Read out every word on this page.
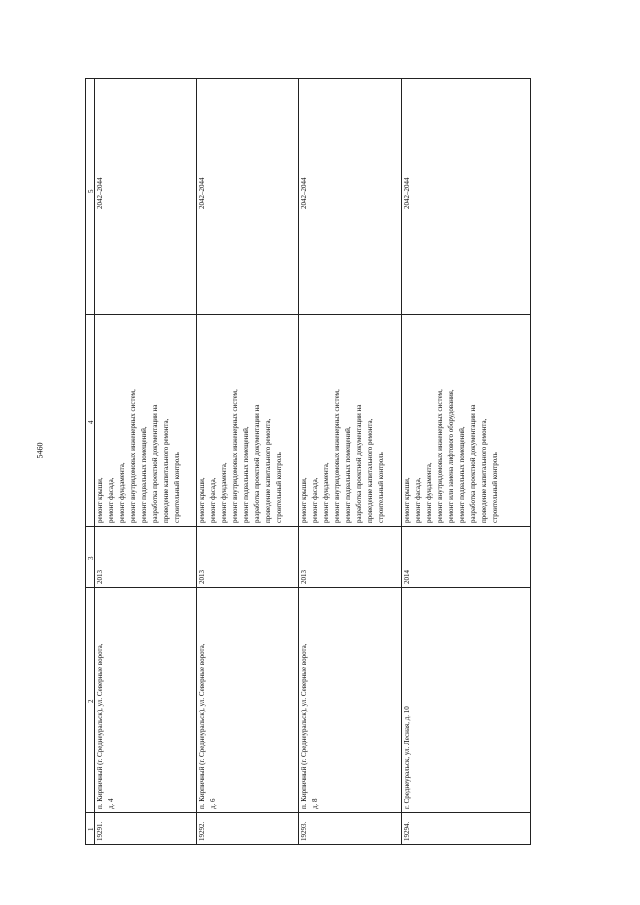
5460
1
2
3
4
5
19291.
п. Кирпичный (г. Среднеуральск), ул. Северные ворота, д. 4
2013
ремонт крыши, ремонт фасада, ремонт фундамента, ремонт внутридомовых инженерных систем, ремонт подвальных помещений, разработка проектной документации на проведение капитального ремонта, строительный контроль
2042–2044
19292.
п. Кирпичный (г. Среднеуральск), ул. Северные ворота, д. 6
2013
ремонт крыши, ремонт фасада, ремонт фундамента, ремонт внутридомовых инженерных систем, ремонт подвальных помещений, разработка проектной документации на проведение капитального ремонта, строительный контроль
2042–2044
19293.
п. Кирпичный (г. Среднеуральск), ул. Северные ворота, д. 8
2013
ремонт крыши, ремонт фасада, ремонт фундамента, ремонт внутридомовых инженерных систем, ремонт подвальных помещений, разработка проектной документации на проведение капитального ремонта, строительный контроль
2042–2044
19294.
г. Среднеуральск, ул. Лесная, д. 10
2014
ремонт крыши, ремонт фасада, ремонт фундамента, ремонт внутридомовых инженерных систем, ремонт или замена лифтового оборудования, ремонт подвальных помещений, разработка проектной документации на проведение капитального ремонта, строительный контроль
2042–2044
